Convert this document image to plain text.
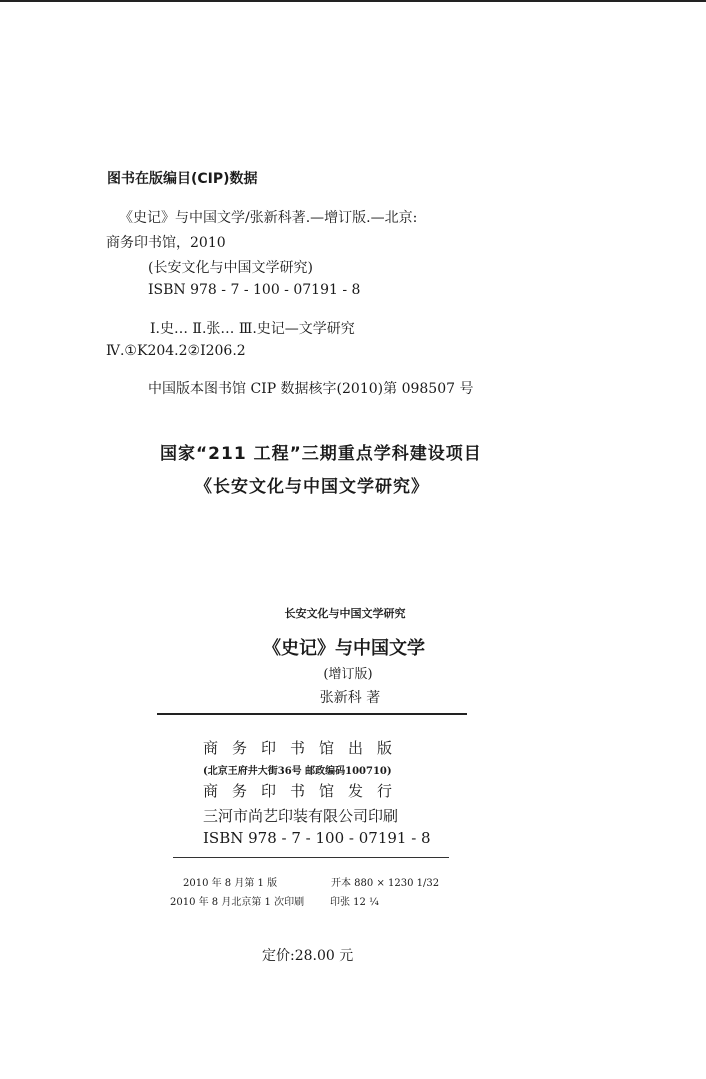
图书在版编目(CIP)数据
《史记》与中国文学/张新科著.—增订版.—北京:
商务印书馆，2010
(长安文化与中国文学研究)
ISBN 978 - 7 - 100 - 07191 - 8
Ⅰ.史… Ⅱ.张… Ⅲ.史记—文学研究
Ⅳ.①K204.2②I206.2
中国版本图书馆 CIP 数据核字(2010)第 098507 号
国家“211 工程”三期重点学科建设项目
《长安文化与中国文学研究》
长安文化与中国文学研究
《史记》与中国文学
(增订版)
张新科 著
商务印书馆出版
(北京王府井大街36号 邮政编码100710)
商务印书馆发行
三河市尚艺印装有限公司印刷
ISBN 978 - 7 - 100 - 07191 - 8
2010 年 8 月第 1 版	开本 880 × 1230 1/32
2010 年 8 月北京第 1 次印刷	印张 12 ¼
定价:28.00 元
